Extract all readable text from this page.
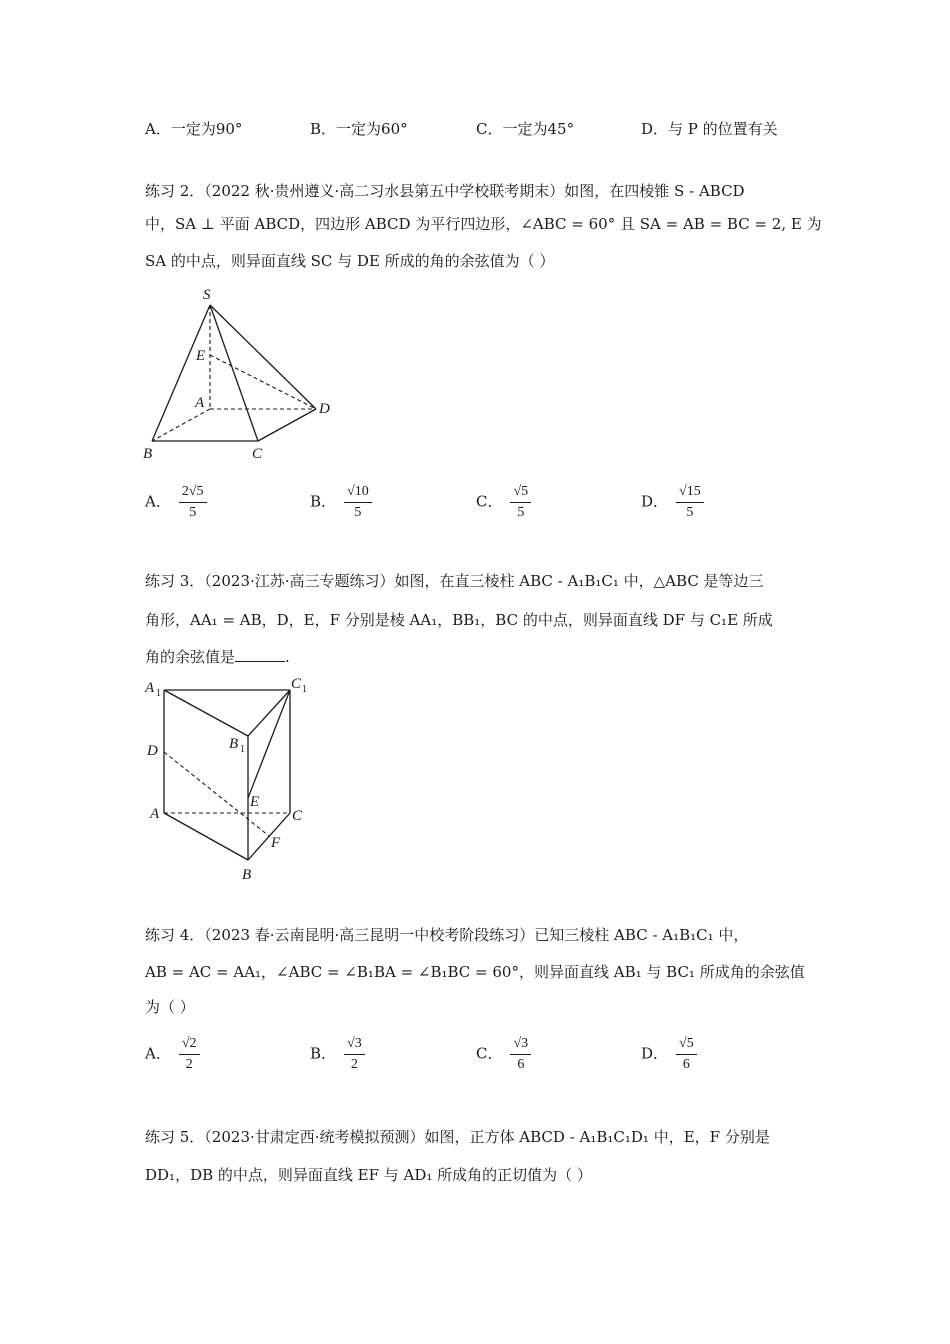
A．一定为90°	B．一定为60°	C．一定为45°	D．与 P 的位置有关
练习 2．（2022 秋·贵州遵义·高二习水县第五中学校联考期末）如图，在四棱锥 S - ABCD
中，SA ⊥ 平面 ABCD，四边形 ABCD 为平行四边形，∠ABC = 60° 且 SA = AB = BC = 2, E 为
SA 的中点，则异面直线 SC 与 DE 所成的角的余弦值为（ ）
S
E
A	D
B	C
A． $\frac{2√5}{5}$	B． $\frac{√10}{5}$	C． $\frac{√5}{5}$	D． $\frac{√15}{5}$
练习 3．（2023·江苏·高三专题练习）如图，在直三棱柱 ABC - A₁B₁C₁ 中，△ABC 是等边三
角形，AA₁ = AB，D，E，F 分别是棱 AA₁，BB₁，BC 的中点，则异面直线 DF 与 C₁E 所成
角的余弦值是	.
A 1
C 1
B 1
D
E
A	C
F
B
练习 4．（2023 春·云南昆明·高三昆明一中校考阶段练习）已知三棱柱 ABC - A₁B₁C₁ 中，
AB = AC = AA₁，∠ABC = ∠B₁BA = ∠B₁BC = 60°，则异面直线 AB₁ 与 BC₁ 所成角的余弦值
为（ ）
A． $\frac{√2}{2}$	B． $\frac{√3}{2}$	C． $\frac{√3}{6}$	D． $\frac{√5}{6}$
练习 5．（2023·甘肃定西·统考模拟预测）如图，正方体 ABCD - A₁B₁C₁D₁ 中，E，F 分别是
DD₁，DB 的中点，则异面直线 EF 与 AD₁ 所成角的正切值为（ ）
